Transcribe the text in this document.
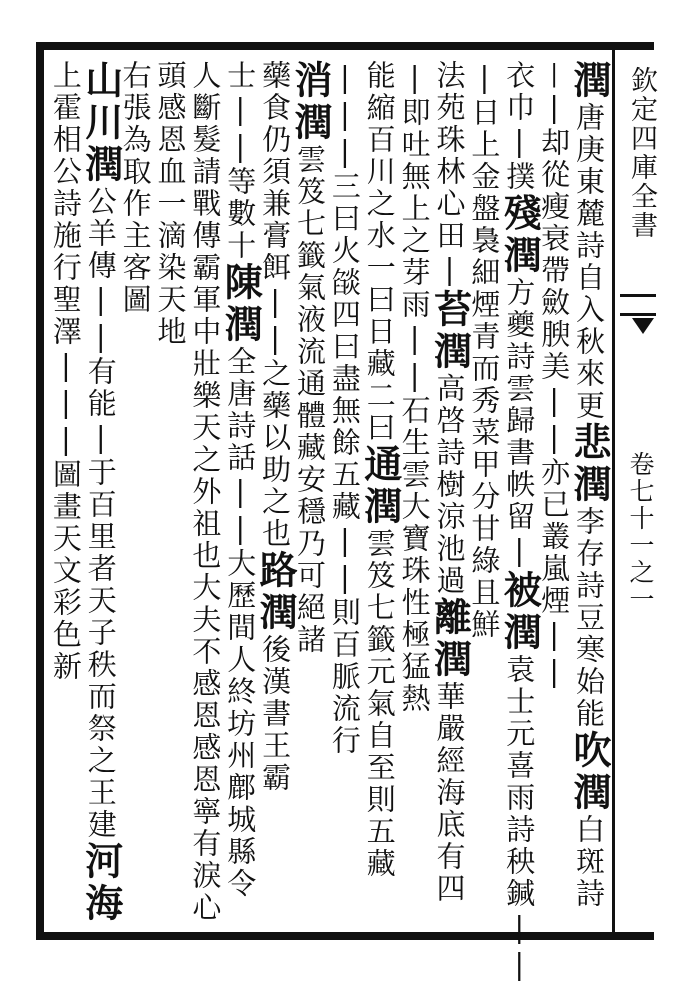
欽定四庫全書
卷七十一之一
潤唐庚東麓詩自入秋來更悲潤李存詩豆寒始能吹潤白斑詩
||却從瘦衰帶斂腴美||亦已叢嵐煙||
衣巾|撲殘潤方夔詩雲歸書帙留|被潤袁士元喜雨詩秧鍼||
|日上金盤裊細煙青而秀菜甲分甘綠且鮮
法苑珠林心田|苔潤高啓詩樹涼池過離潤華嚴經海底有四
|即吐無上之芽雨||石生雲大寶珠性極猛熱
能縮百川之水一曰日藏二曰通潤雲笈七籤元氣自至則五藏
|||三曰火燄四曰盡無餘五藏||則百脈流行
消潤雲笈七籤氣液流通體藏安穩乃可絕諸
藥食仍須兼膏餌||之藥以助之也路潤後漢書王霸
士||等數十陳潤全唐詩話||大歷間人終坊州鄜城縣令
人斷髮請戰傳霸軍中壯樂天之外祖也大夫不感恩感恩寧有淚心
頭感恩血一滴染天地
右張為取作主客圖
山川潤公羊傳||有能|于百里者天子秩而祭之王建河海
上霍相公詩施行聖澤|||圖畫天文彩色新
